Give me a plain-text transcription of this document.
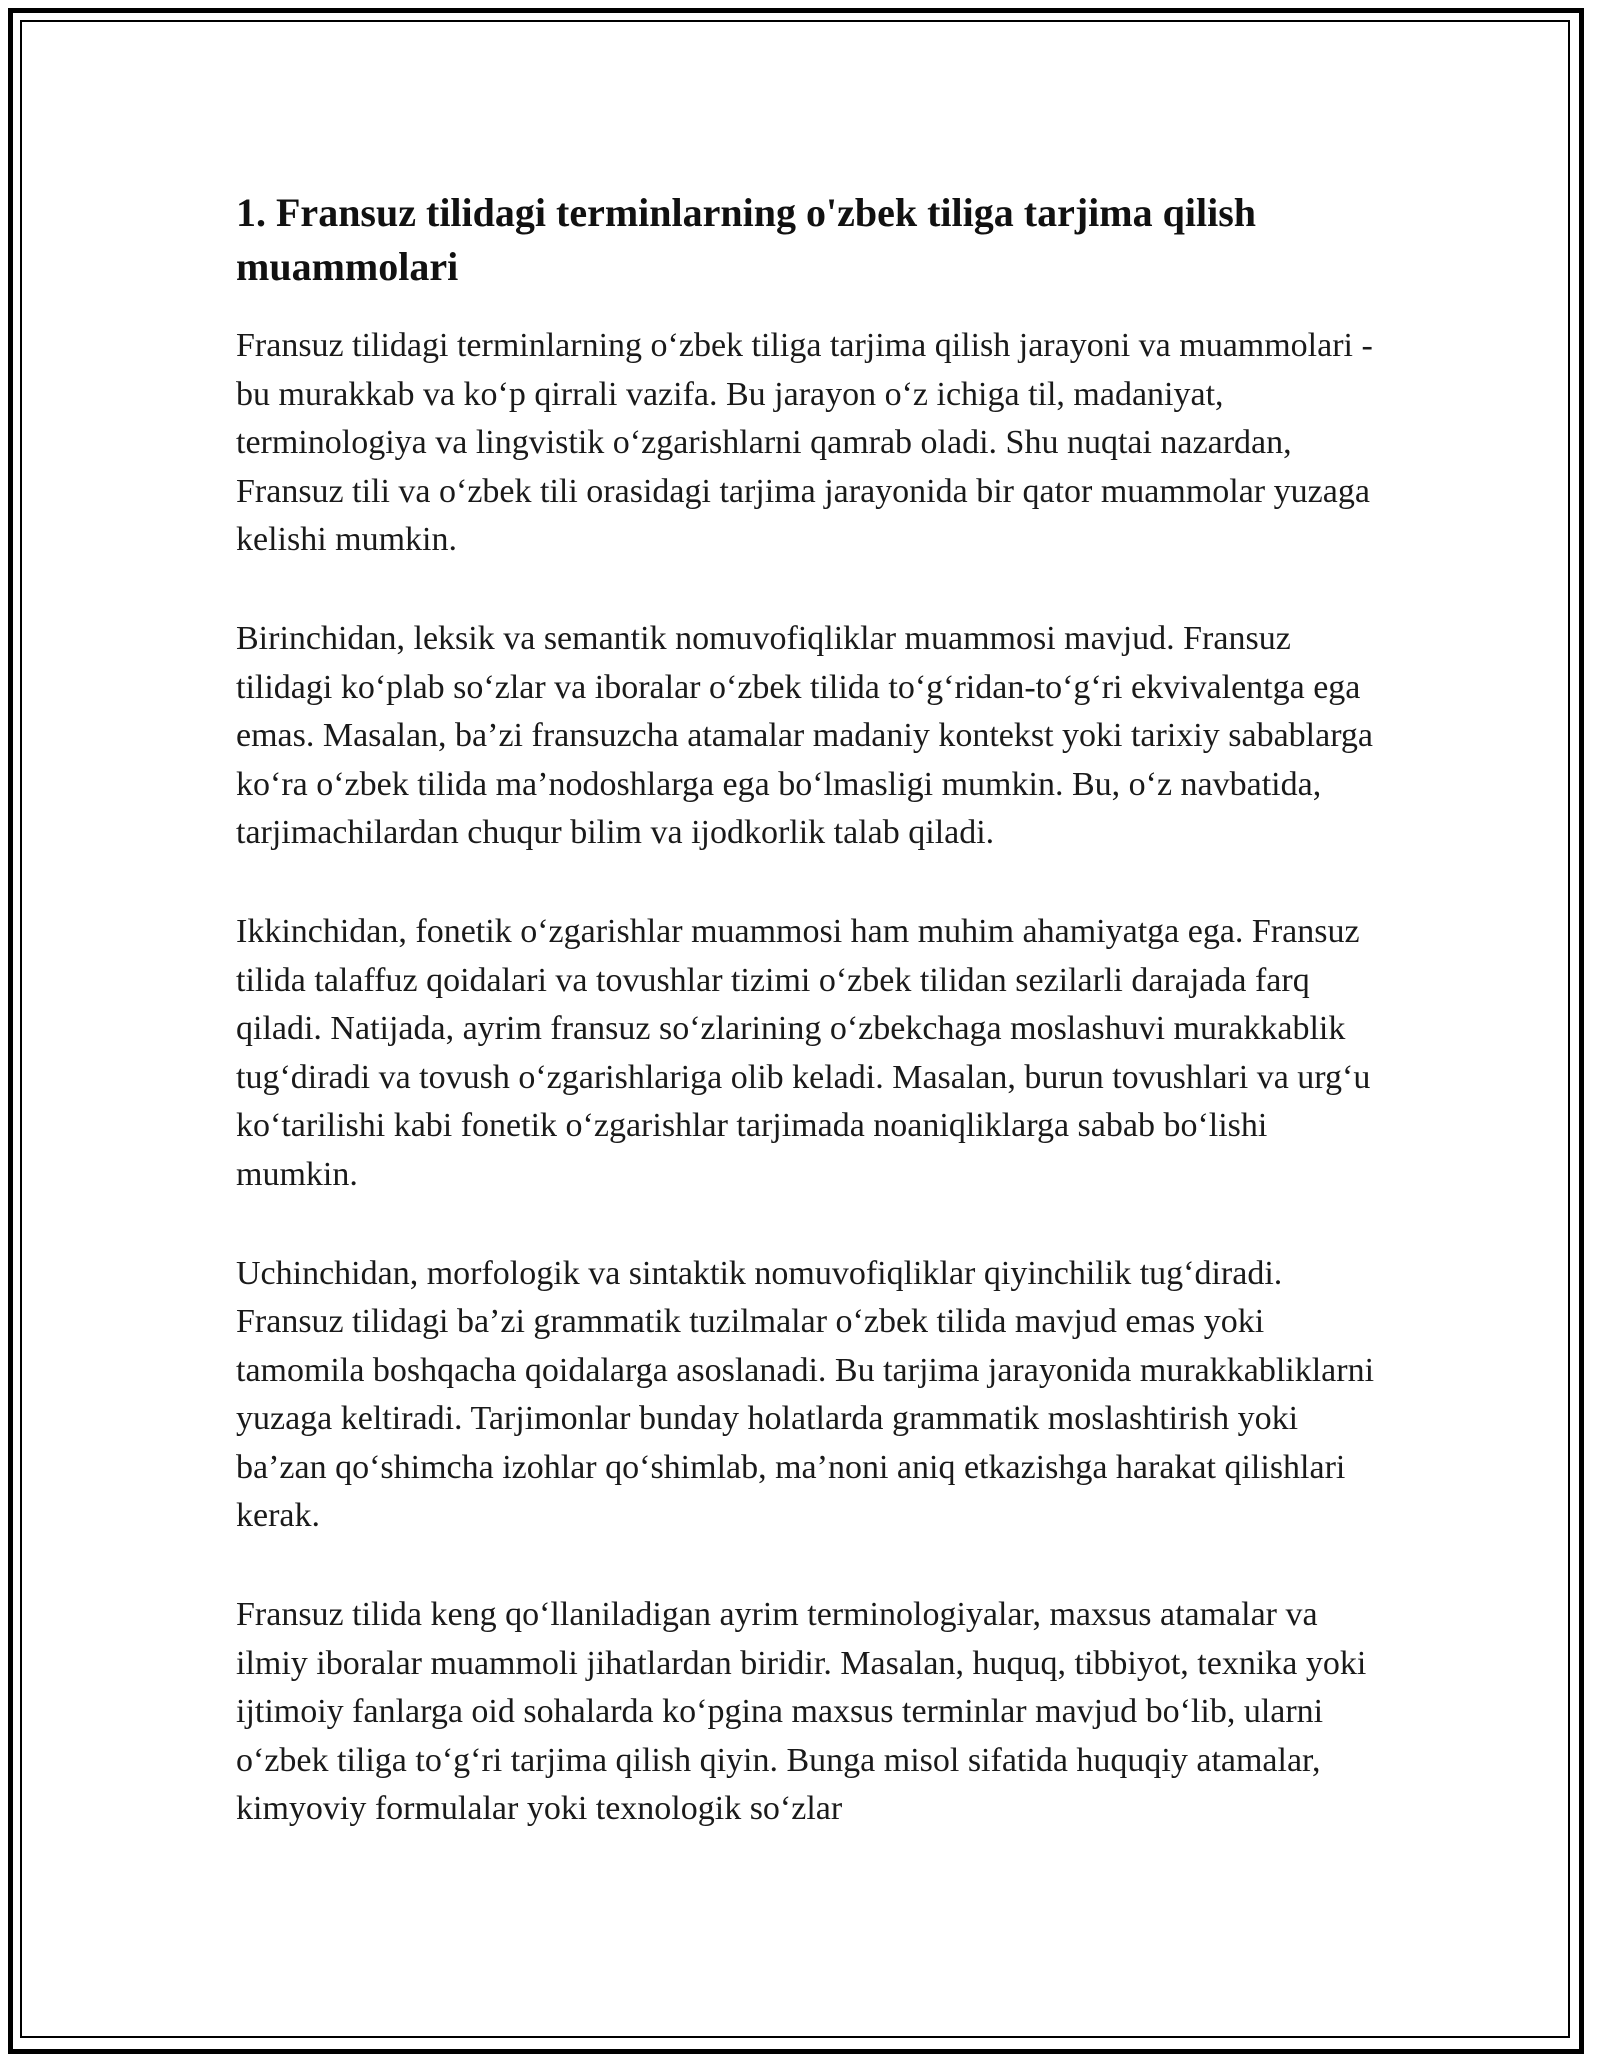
1. Fransuz tilidagi terminlarning o'zbek tiliga tarjima qilish muammolari

Fransuz tilidagi terminlarning o‘zbek tiliga tarjima qilish jarayoni va muammolari - bu murakkab va ko‘p qirrali vazifa. Bu jarayon o‘z ichiga til, madaniyat, terminologiya va lingvistik o‘zgarishlarni qamrab oladi. Shu nuqtai nazardan, Fransuz tili va o‘zbek tili orasidagi tarjima jarayonida bir qator muammolar yuzaga kelishi mumkin.

Birinchidan, leksik va semantik nomuvofiqliklar muammosi mavjud. Fransuz tilidagi ko‘plab so‘zlar va iboralar o‘zbek tilida to‘g‘ridan-to‘g‘ri ekvivalentga ega emas. Masalan, ba’zi fransuzcha atamalar madaniy kontekst yoki tarixiy sabablarga ko‘ra o‘zbek tilida ma’nodoshlarga ega bo‘lmasligi mumkin. Bu, o‘z navbatida, tarjimachilardan chuqur bilim va ijodkorlik talab qiladi.

Ikkinchidan, fonetik o‘zgarishlar muammosi ham muhim ahamiyatga ega. Fransuz tilida talaffuz qoidalari va tovushlar tizimi o‘zbek tilidan sezilarli darajada farq qiladi. Natijada, ayrim fransuz so‘zlarining o‘zbekchaga moslashuvi murakkablik tug‘diradi va tovush o‘zgarishlariga olib keladi. Masalan, burun tovushlari va urg‘u ko‘tarilishi kabi fonetik o‘zgarishlar tarjimada noaniqliklarga sabab bo‘lishi mumkin.

Uchinchidan, morfologik va sintaktik nomuvofiqliklar qiyinchilik tug‘diradi. Fransuz tilidagi ba’zi grammatik tuzilmalar o‘zbek tilida mavjud emas yoki tamomila boshqacha qoidalarga asoslanadi. Bu tarjima jarayonida murakkabliklarni yuzaga keltiradi. Tarjimonlar bunday holatlarda grammatik moslashtirish yoki ba’zan qo‘shimcha izohlar qo‘shimlab, ma’noni aniq etkazishga harakat qilishlari kerak.

Fransuz tilida keng qo‘llaniladigan ayrim terminologiyalar, maxsus atamalar va ilmiy iboralar muammoli jihatlardan biridir. Masalan, huquq, tibbiyot, texnika yoki ijtimoiy fanlarga oid sohalarda ko‘pgina maxsus terminlar mavjud bo‘lib, ularni o‘zbek tiliga to‘g‘ri tarjima qilish qiyin. Bunga misol sifatida huquqiy atamalar, kimyoviy formulalar yoki texnologik so‘zlar
